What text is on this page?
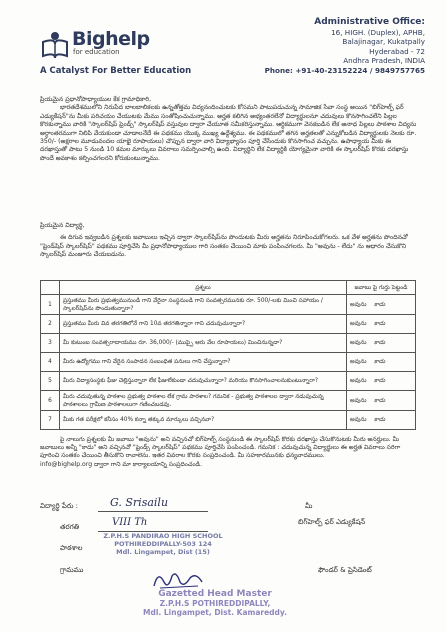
Bighelp
for education
A Catalyst For Better Education
Administrative Office:
16, HIGH. (Duplex), APHB,
Balajinagar, Kukatpally
Hyderabad - 72
Andhra Pradesh, INDIA
Phone: +91-40-23152224 / 9849757765

ప్రియమైన ప్రధానోపాధ్యాయుల కేక గ్రామాధికారి,

భారతదేశములోని నిరుపేద బాలబాలికలకు ఉన్నతోత్తమ విద్యనందించుటకు కోసమని పాటుపడుచున్న సామాజిక సేవా సంస్థ అయిన "బిగ్‌హెల్ప్ ఫర్ ఎడ్యుకేషన్"ను మీకు పరిచయం చేయుటకు మేము సంతోషించుచున్నాము. అర్హత కలిగిన అభ్యంతరలేనో విద్యార్థులనూ చదువులు కొనసాగించలేని పిల్లల కొరకున్నాము వారికి "స్కాలర్‌షిప్ ఫ్రెండ్స్" స్కాలర్‌షిప్ వస్తువుల ద్వారా చేయూత సమీకరిస్తున్నాము. ఆర్థికముగా వెనకబడిన లేక అనాధ పిల్లలు పాఠశాల విద్యను అర్ధాంతరముగా నిలిపి వేయకుండా చూడాలనేదే ఈ పథకము యొక్క ముఖ్య ఉద్దేశ్యము. ఈ పథకములో తగిన అర్హతలతో ఎన్నుకోబడిన విద్యార్థులకు నెలకు రూ. 350/- (అక్షరాల మూడువందల యాభై రూపాయలు) చొప్పున ద్వారా వారి విద్యాభ్యాసం పూర్తి చేసేందుకు కొనసాగించ వచ్చును. ఉపాధ్యాయ మీకు ఈ దరఖాస్తుతో పాటు 5 నుండి 10 కమల మార్కులు వివరాలు సమర్పించాల్సి ఉంది. విద్యార్థిని లేక విద్యార్థికి యోగ్యమైనా వారికి ఈ స్కాలర్‌షిప్ కొరకు దరఖాస్తు పొందే అవకాశం కల్పించగలరని కోరుకుంటున్నాము.

ప్రియమైన విద్యార్థి,

ఈ దిగువ ఇవ్వబడిన ప్రశ్నలకు జవాబులు ఇచ్చిన ద్వారా స్కాలర్‌షిప్‌ను పొందుటకు మీరు అర్హతను నిరూపించుకోగలరు. ఒక వేళ అర్హతను పొందినచో "ఫ్రెండ్‌షిప్ స్కాలర్‌షిప్" పథకము పూర్తిచేసి మీ ప్రధానోపాధ్యాయుల గారి సంతకం చేయించి మాకు పంపించగలరు. మీ "అవును - లేదు" ను ఆధారం చేసుకొని స్కాలర్‌షిప్ మంజూరు చేయబడును.

	ప్రశ్నలు	జవాబు పై గుర్తు పెట్టండి
1	ప్రస్తుతము మీరు ప్రభుత్వమునుండి గాని వేరైనా సంస్థనుండి గాని సంవత్సరమునకు రూ. 500/-లకు మించి సహాయం / స్కాలర్‌షిప్‌ను పొందుతున్నారా?	అవును కాదు
2	ప్రస్తుతము మీరు వివ తరగతిలోనే గాని 10వ తరగతిన్నారా గాని చదువుచున్నారా?	అవును కాదు
3	మీ కుటుంబ సంవత్సరాదాయము రూ. 36,000/- (ముప్పై ఆరు వేల రూపాయలు) మించినున్నదా?	అవును కాదు
4	మీరు ఉద్యోగము గాని వేరైన సంపాదన సంబంధిత పనులు గాని చేస్తున్నారా?	అవును కాదు
5	మీరు విద్యాసంస్థకు ఫీజు చెల్లిస్తున్నారా లేక ఫీజులేకుండా చదువుచున్నారా? మరియు కొనసాగించాలనుకుంటున్నారా?	అవును కాదు
6	మీరు చదువుతున్న పాఠశాల ప్రభుత్వ పాఠశాల లేక గ్రామ పాఠశాల? గమనిక - ప్రభుత్వ పాఠశాలల ద్వారా నడుపుచున్న పాఠశాలలు గ్రామీణ పాఠశాలలుగా గణించబడవు.	అవును కాదు
7	మీకు గత పరీక్షలో కనీసం 40% కన్నా తక్కువ మార్కులు వచ్చినవా?	అవును కాదు

పై నాలుగు ప్రశ్నలకు మీ జవాబు "అవును" అని వచ్చినచో బిగ్‌హెల్ప్ సంస్థనుండి ఈ స్కాలర్‌షిప్ కొరకు దరఖాస్తు చేసుకొనుటకు మీరు అనర్హులు. మీ జవాబులు అన్నీ "కాదు" అని వచ్చినచో "ఫ్రెండ్స్ స్కాలర్‌షిప్" పథకము పూర్తిచేసి పంపించండి. గమనిక : చదువుచున్న విద్యార్థులు ఈ అర్హత వివరాలు సరిగా పూరించి సంతకం చేయించి తీసుకొని రావాలెను. ఇతర వివరాల కొరకు సంప్రదించండి. మీ సహకారమునకు ధన్యవాదములు.

info@bighelp.org ద్వారా గాని మా కార్యాలయాన్ని సంప్రదించండి.

విద్యార్థి పేరు :	G. Srisailu
తరగతి	VIII Th
పాఠశాల
గ్రామము
మీ
బిగ్‌హెల్ప్ ఫర్ ఎడ్యుకేషన్
ఫౌండర్ & ప్రెసిడెంట్
Z.P.H.S PANDIRAO HIGH SCHOOL
POTHIREDDIPALLY-503 124
Mdl. Lingampet, Dist (15)
Gazetted Head Master
Z.P.H.S POTHIREDDIPALLY,
Mdl. Lingampet, Dist. Kamareddy.
